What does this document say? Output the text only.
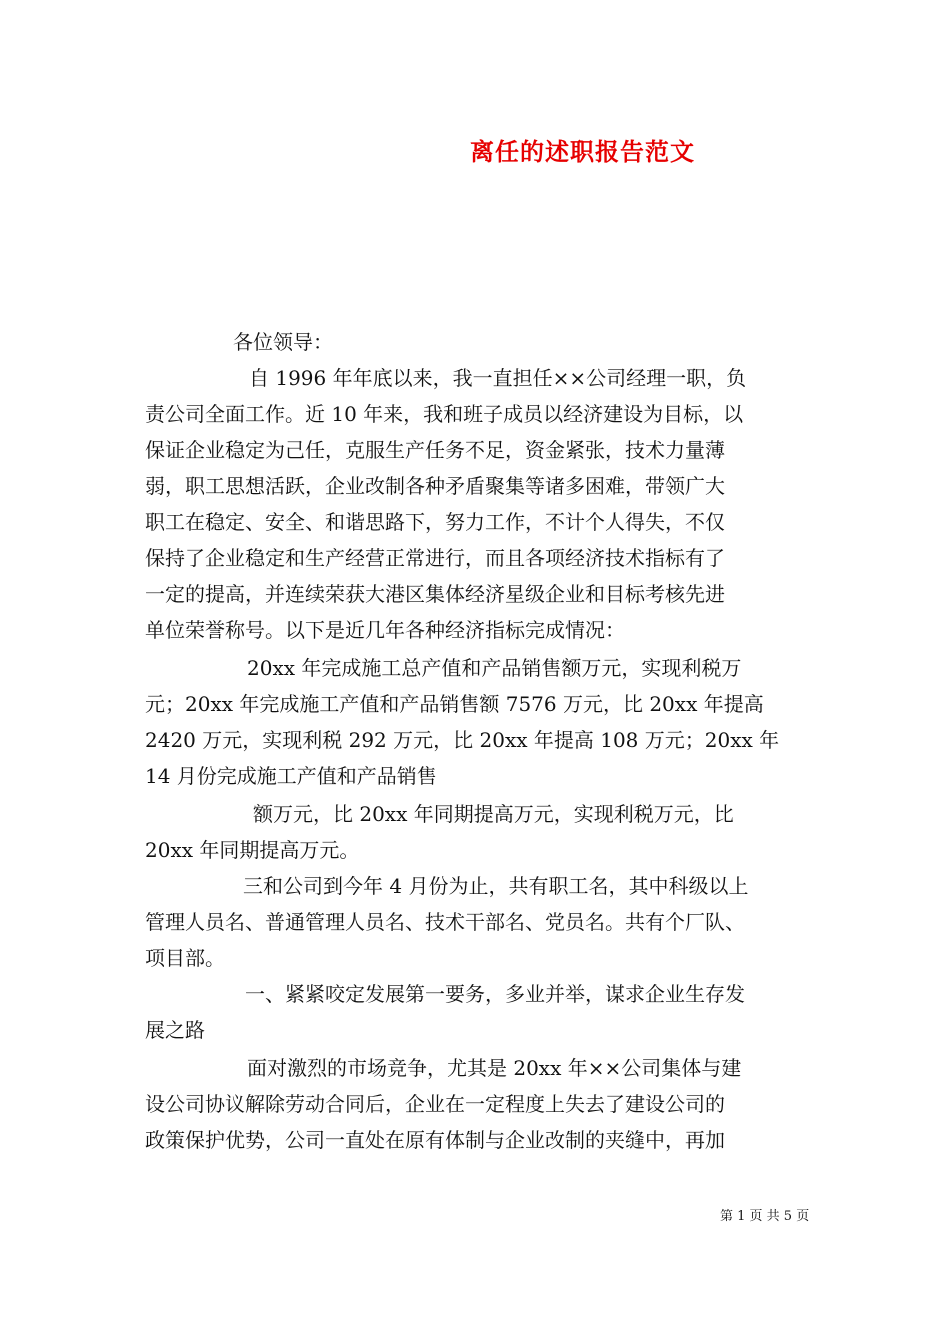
离任的述职报告范文
各位领导：
自 1996 年年底以来，我一直担任××公司经理一职，负
责公司全面工作。近 10 年来，我和班子成员以经济建设为目标，以
保证企业稳定为己任，克服生产任务不足，资金紧张，技术力量薄
弱，职工思想活跃，企业改制各种矛盾聚集等诸多困难，带领广大
职工在稳定、安全、和谐思路下，努力工作，不计个人得失，不仅
保持了企业稳定和生产经营正常进行，而且各项经济技术指标有了
一定的提高，并连续荣获大港区集体经济星级企业和目标考核先进
单位荣誉称号。以下是近几年各种经济指标完成情况：
20xx 年完成施工总产值和产品销售额万元，实现利税万
元；20xx 年完成施工产值和产品销售额 7576 万元，比 20xx 年提高
2420 万元，实现利税 292 万元，比 20xx 年提高 108 万元；20xx 年
14 月份完成施工产值和产品销售
额万元，比 20xx 年同期提高万元，实现利税万元，比
20xx 年同期提高万元。
三和公司到今年 4 月份为止，共有职工名，其中科级以上
管理人员名、普通管理人员名、技术干部名、党员名。共有个厂队、
项目部。
一、紧紧咬定发展第一要务，多业并举，谋求企业生存发
展之路
面对激烈的市场竞争，尤其是 20xx 年××公司集体与建
设公司协议解除劳动合同后，企业在一定程度上失去了建设公司的
政策保护优势，公司一直处在原有体制与企业改制的夹缝中，再加
第 1 页 共 5 页
